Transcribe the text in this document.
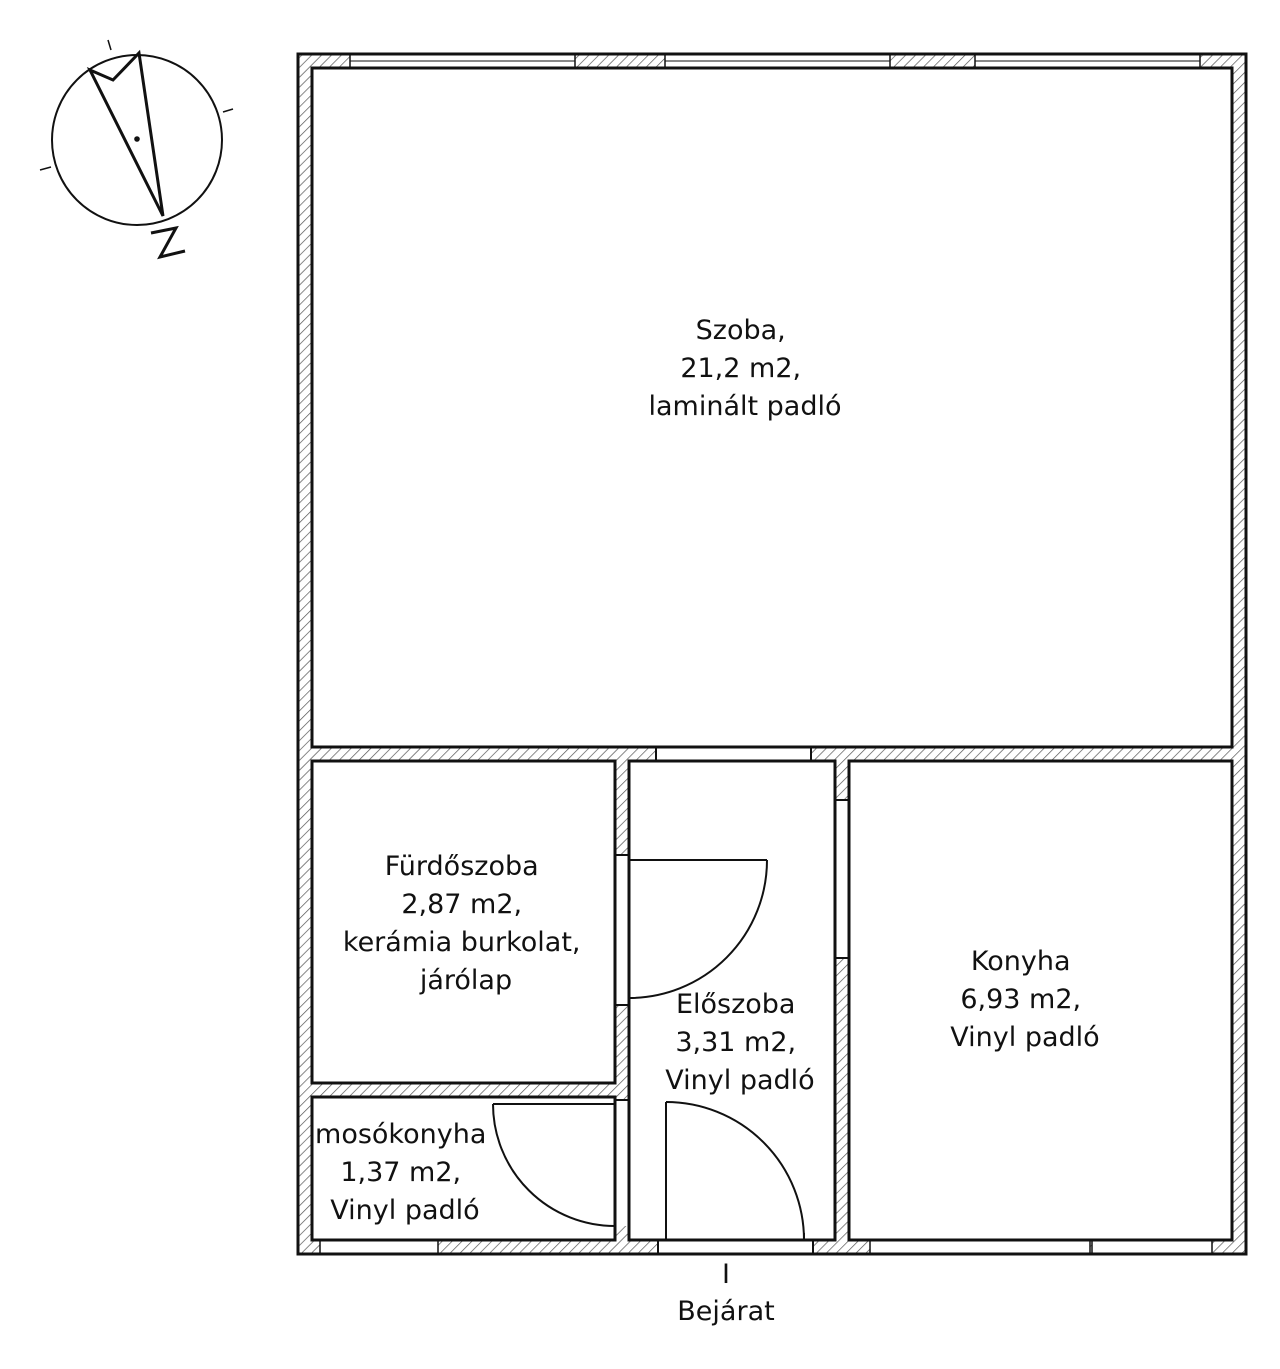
Szoba, 21,2 m2, laminált padló
Fürdőszoba 2,87 m2, kerámia burkolat, járólap
Előszoba 3,31 m2, Vinyl padló
Konyha 6,93 m2, Vinyl padló
mosókonyha 1,37 m2, Vinyl padló
I
Bejárat
